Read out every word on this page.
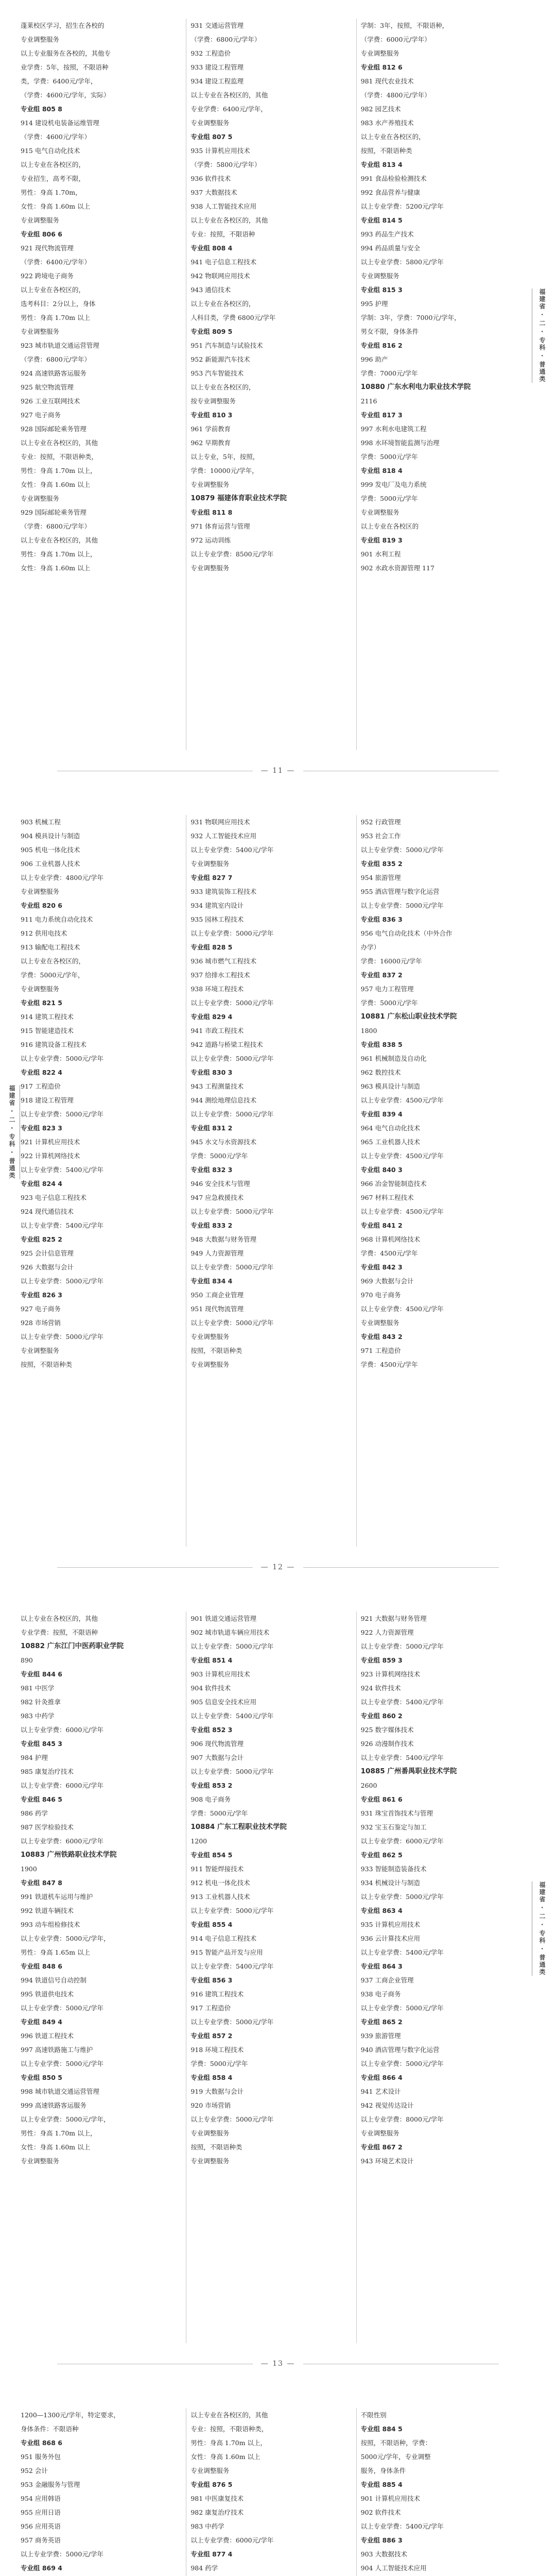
蓬莱校区学习，招生在各校的
专业调整服务
以上专业服务在各校的，其他专
业学费：5年，按照，不限语种
类，学费：6400元/学年，
（学费：4600元/学年，实际）
专业组 805 8
914 建设机电装备运维管理
（学费：4600元/学年）
915 电气自动化技术
以上专业在各校区的，
专业招生，高考不限，
男性：身高 1.70m，
女性：身高 1.60m 以上
专业调整服务
专业组 806 6
921 现代物流管理
（学费：6400元/学年）
922 跨境电子商务
以上专业在各校区的，
选考科目：2分以上，身体
男性：身高 1.70m 以上
专业调整服务
923 城市轨道交通运营管理
（学费：6800元/学年）
924 高速铁路客运服务
925 航空物流管理
926 工业互联网技术
927 电子商务
928 国际邮轮乘务管理
以上专业在各校区的，其他
专业：按照，不限语种类，
男性：身高 1.70m 以上，
女性：身高 1.60m 以上
专业调整服务
929 国际邮轮乘务管理
（学费：6800元/学年）
以上专业在各校区的，其他
男性：身高 1.70m 以上，
女性：身高 1.60m 以上
931 交通运营管理
（学费：6800元/学年）
932 工程造价
933 建设工程管理
934 建设工程监理
以上专业在各校区的，其他
专业学费：6400元/学年，
专业调整服务
专业组 807 5
935 计算机应用技术
（学费：5800元/学年）
936 软件技术
937 大数据技术
938 人工智能技术应用
以上专业在各校区的，其他
专业：按照，不限语种
专业组 808 4
941 电子信息工程技术
942 物联网应用技术
943 通信技术
以上专业在各校区的，
人科目类，学费 6800元/学年
专业组 809 5
951 汽车制造与试验技术
952 新能源汽车技术
953 汽车智能技术
以上专业在各校区的，
按专业调整服务
专业组 810 3
961 学前教育
962 早期教育
以上专业，5年，按照，
学费：10000元/学年，
专业调整服务
10879 福建体育职业技术学院
专业组 811 8
971 体育运营与管理
972 运动训练
以上专业学费：8500元/学年
专业调整服务
学制：3年，按照，不限语种，
（学费：6000元/学年）
专业调整服务
专业组 812 6
981 现代农业技术
（学费：4800元/学年）
982 园艺技术
983 水产养殖技术
以上专业在各校区的，
按照，不限语种类
专业组 813 4
991 食品检验检测技术
992 食品营养与健康
以上专业学费：5200元/学年
专业组 814 5
993 药品生产技术
994 药品质量与安全
以上专业学费：5800元/学年
专业调整服务
专业组 815 3
995 护理
学制：3年，学费：7000元/学年，
男女不限，身体条件
专业组 816 2
996 助产
学费：7000元/学年
10880 广东水利电力职业技术学院
2116
专业组 817 3
997 水利水电建筑工程
998 水环境智能监测与治理
学费：5000元/学年
专业组 818 4
999 发电厂及电力系统
学费：5000元/学年
专业调整服务
以上专业在各校区的
专业组 819 3
901 水利工程
902 水政水资源管理 117
福建省 · 二 · 专科 · 普通类
— 11 —
903 机械工程
904 模具设计与制造
905 机电一体化技术
906 工业机器人技术
以上专业学费：4800元/学年
专业调整服务
专业组 820 6
911 电力系统自动化技术
912 供用电技术
913 输配电工程技术
以上专业在各校区的，
学费：5000元/学年，
专业调整服务
专业组 821 5
914 建筑工程技术
915 智能建造技术
916 建筑设备工程技术
以上专业学费：5000元/学年
专业组 822 4
917 工程造价
918 建设工程管理
以上专业学费：5000元/学年
专业组 823 3
921 计算机应用技术
922 计算机网络技术
以上专业学费：5400元/学年
专业组 824 4
923 电子信息工程技术
924 现代通信技术
以上专业学费：5400元/学年
专业组 825 2
925 会计信息管理
926 大数据与会计
以上专业学费：5000元/学年
专业组 826 3
927 电子商务
928 市场营销
以上专业学费：5000元/学年
专业调整服务
按照，不限语种类
931 物联网应用技术
932 人工智能技术应用
以上专业学费：5400元/学年
专业调整服务
专业组 827 7
933 建筑装饰工程技术
934 建筑室内设计
935 园林工程技术
以上专业学费：5000元/学年
专业组 828 5
936 城市燃气工程技术
937 给排水工程技术
938 环境工程技术
以上专业学费：5000元/学年
专业组 829 4
941 市政工程技术
942 道路与桥梁工程技术
以上专业学费：5000元/学年
专业组 830 3
943 工程测量技术
944 测绘地理信息技术
以上专业学费：5000元/学年
专业组 831 2
945 水文与水资源技术
学费：5000元/学年
专业组 832 3
946 安全技术与管理
947 应急救援技术
以上专业学费：5000元/学年
专业组 833 2
948 大数据与财务管理
949 人力资源管理
以上专业学费：5000元/学年
专业组 834 4
950 工商企业管理
951 现代物流管理
以上专业学费：5000元/学年
专业调整服务
按照，不限语种类
专业调整服务
952 行政管理
953 社会工作
以上专业学费：5000元/学年
专业组 835 2
954 旅游管理
955 酒店管理与数字化运营
以上专业学费：5000元/学年
专业组 836 3
956 电气自动化技术（中外合作
办学）
学费：16000元/学年
专业组 837 2
957 电力工程管理
学费：5000元/学年
10881 广东松山职业技术学院
1800
专业组 838 5
961 机械制造及自动化
962 数控技术
963 模具设计与制造
以上专业学费：4500元/学年
专业组 839 4
964 电气自动化技术
965 工业机器人技术
以上专业学费：4500元/学年
专业组 840 3
966 冶金智能制造技术
967 材料工程技术
以上专业学费：4500元/学年
专业组 841 2
968 计算机网络技术
学费：4500元/学年
专业组 842 3
969 大数据与会计
970 电子商务
以上专业学费：4500元/学年
专业调整服务
专业组 843 2
971 工程造价
学费：4500元/学年
福建省 · 二 · 专科 · 普通类
— 12 —
以上专业在各校区的，其他
专业学费：按照，不限语种
10882 广东江门中医药职业学院
890
专业组 844 6
981 中医学
982 针灸推拿
983 中药学
以上专业学费：6000元/学年
专业组 845 3
984 护理
985 康复治疗技术
以上专业学费：6000元/学年
专业组 846 5
986 药学
987 医学检验技术
以上专业学费：6000元/学年
10883 广州铁路职业技术学院
1900
专业组 847 8
991 铁道机车运用与维护
992 铁道车辆技术
993 动车组检修技术
以上专业学费：5000元/学年，
男性：身高 1.65m 以上
专业组 848 6
994 铁道信号自动控制
995 铁道供电技术
以上专业学费：5000元/学年
专业组 849 4
996 铁道工程技术
997 高速铁路施工与维护
以上专业学费：5000元/学年
专业组 850 5
998 城市轨道交通运营管理
999 高速铁路客运服务
以上专业学费：5000元/学年，
男性：身高 1.70m 以上，
女性：身高 1.60m 以上
专业调整服务
901 铁道交通运营管理
902 城市轨道车辆应用技术
以上专业学费：5000元/学年
专业组 851 4
903 计算机应用技术
904 软件技术
905 信息安全技术应用
以上专业学费：5400元/学年
专业组 852 3
906 现代物流管理
907 大数据与会计
以上专业学费：5000元/学年
专业组 853 2
908 电子商务
学费：5000元/学年
10884 广东工程职业技术学院
1200
专业组 854 5
911 智能焊接技术
912 机电一体化技术
913 工业机器人技术
以上专业学费：5000元/学年
专业组 855 4
914 电子信息工程技术
915 智能产品开发与应用
以上专业学费：5400元/学年
专业组 856 3
916 建筑工程技术
917 工程造价
以上专业学费：5000元/学年
专业组 857 2
918 环境工程技术
学费：5000元/学年
专业组 858 4
919 大数据与会计
920 市场营销
以上专业学费：5000元/学年
专业调整服务
按照，不限语种类
专业调整服务
921 大数据与财务管理
922 人力资源管理
以上专业学费：5000元/学年
专业组 859 3
923 计算机网络技术
924 软件技术
以上专业学费：5400元/学年
专业组 860 2
925 数字媒体技术
926 动漫制作技术
以上专业学费：5400元/学年
10885 广州番禺职业技术学院
2600
专业组 861 6
931 珠宝首饰技术与管理
932 宝玉石鉴定与加工
以上专业学费：6000元/学年
专业组 862 5
933 智能制造装备技术
934 机械设计与制造
以上专业学费：5000元/学年
专业组 863 4
935 计算机应用技术
936 云计算技术应用
以上专业学费：5400元/学年
专业组 864 3
937 工商企业管理
938 电子商务
以上专业学费：5000元/学年
专业组 865 2
939 旅游管理
940 酒店管理与数字化运营
以上专业学费：5000元/学年
专业组 866 4
941 艺术设计
942 视觉传达设计
以上专业学费：8000元/学年
专业调整服务
专业组 867 2
943 环境艺术设计
福建省 · 二 · 专科 · 普通类
— 13 —
1200—1300元/学年，特定要求，
身体条件：不限语种
专业组 868 6
951 服务外包
952 会计
953 金融服务与管理
954 应用韩语
955 应用日语
956 应用英语
957 商务英语
以上专业学费：5000元/学年
专业组 869 4
以上专业在各校区的，其他
专业：按照，不限语种类，
男性：身高 1.70m 以上，
女性：身高 1.60m 以上
专业调整服务
专业组 876 5
981 中医康复技术
982 康复治疗技术
983 中药学
以上专业学费：6000元/学年
专业组 877 4
984 药学
不限性别
专业组 884 5
按照，不限语种，学费：
5000元/学年，专业调整
服务，身体条件
专业组 885 4
901 计算机应用技术
902 软件技术
以上专业学费：5400元/学年
专业组 886 3
903 大数据技术
904 人工智能技术应用
